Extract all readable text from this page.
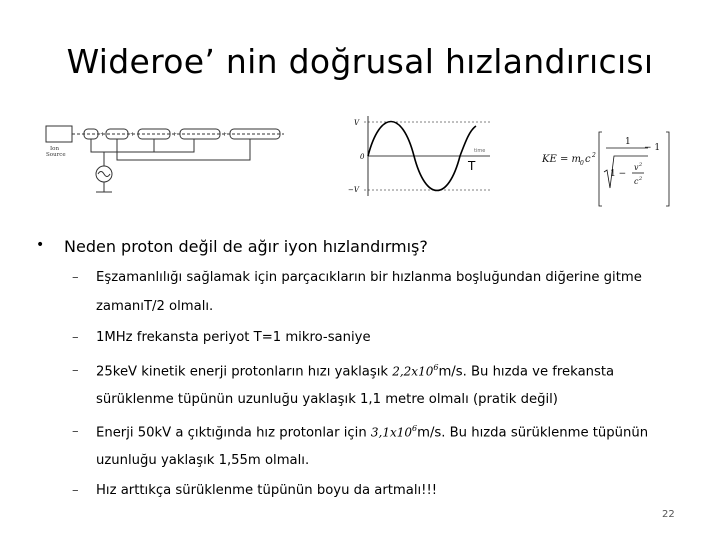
Wideroe’ nin doğrusal hızlandırıcısı
Ion
Source
+	+	+	+
V
0
−V
time
T	KE = m 0 c 2
1
− 1
1 −
v 2
c 2
• Neden proton değil de ağır iyon hızlandırmış?
– Eşzamanlılığı sağlamak için parçacıkların bir hızlanma boşluğundan diğerine gitme
zamanıT/2 olmalı.
– 1MHz frekansta periyot T=1 mikro-saniye
– 25keV kinetik enerji protonların hızı yaklaşık $2,2x10^6m/s$. Bu hızda ve frekansta
sürüklenme tüpünün uzunluğu yaklaşık 1,1 metre olmalı (pratik değil)
– Enerji 50kV a çıktığında hız protonlar için $3,1x10^6m/s$. Bu hızda sürüklenme tüpünün
uzunluğu yaklaşık 1,55m olmalı.
– Hız arttıkça sürüklenme tüpünün boyu da artmalı!!!
22
